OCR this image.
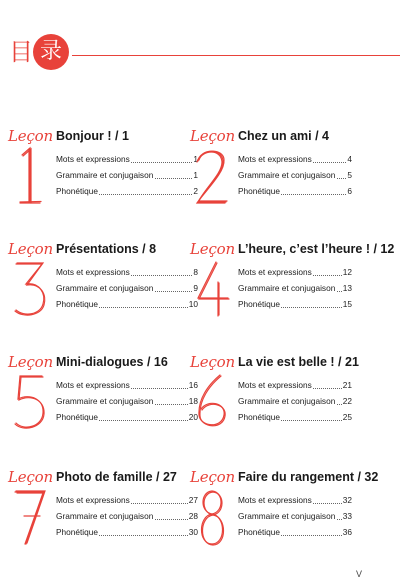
目 录
Leçon Bonjour ! / 1
Mots et expressions	1
Grammaire et conjugaison	1
Phonétique	2
Leçon Chez un ami / 4
Mots et expressions	4
Grammaire et conjugaison 5
Phonétique	6
Leçon Présentations / 8
Mots et expressions	8
Grammaire et conjugaison	9
Phonétique	10
Leçon L’heure, c’est l’heure ! / 12
Mots et expressions	12
Grammaire et conjugaison 13
Phonétique	15
Leçon Mini-dialogues / 16
Mots et expressions	16
Grammaire et conjugaison	18
Phonétique	20
Leçon La vie est belle ! / 21
Mots et expressions	21
Grammaire et conjugaison 22
Phonétique	25
Leçon Photo de famille / 27
Mots et expressions	27
Grammaire et conjugaison	28
Phonétique	30
Leçon Faire du rangement / 32
Mots et expressions	32
Grammaire et conjugaison 33
Phonétique	36
V
